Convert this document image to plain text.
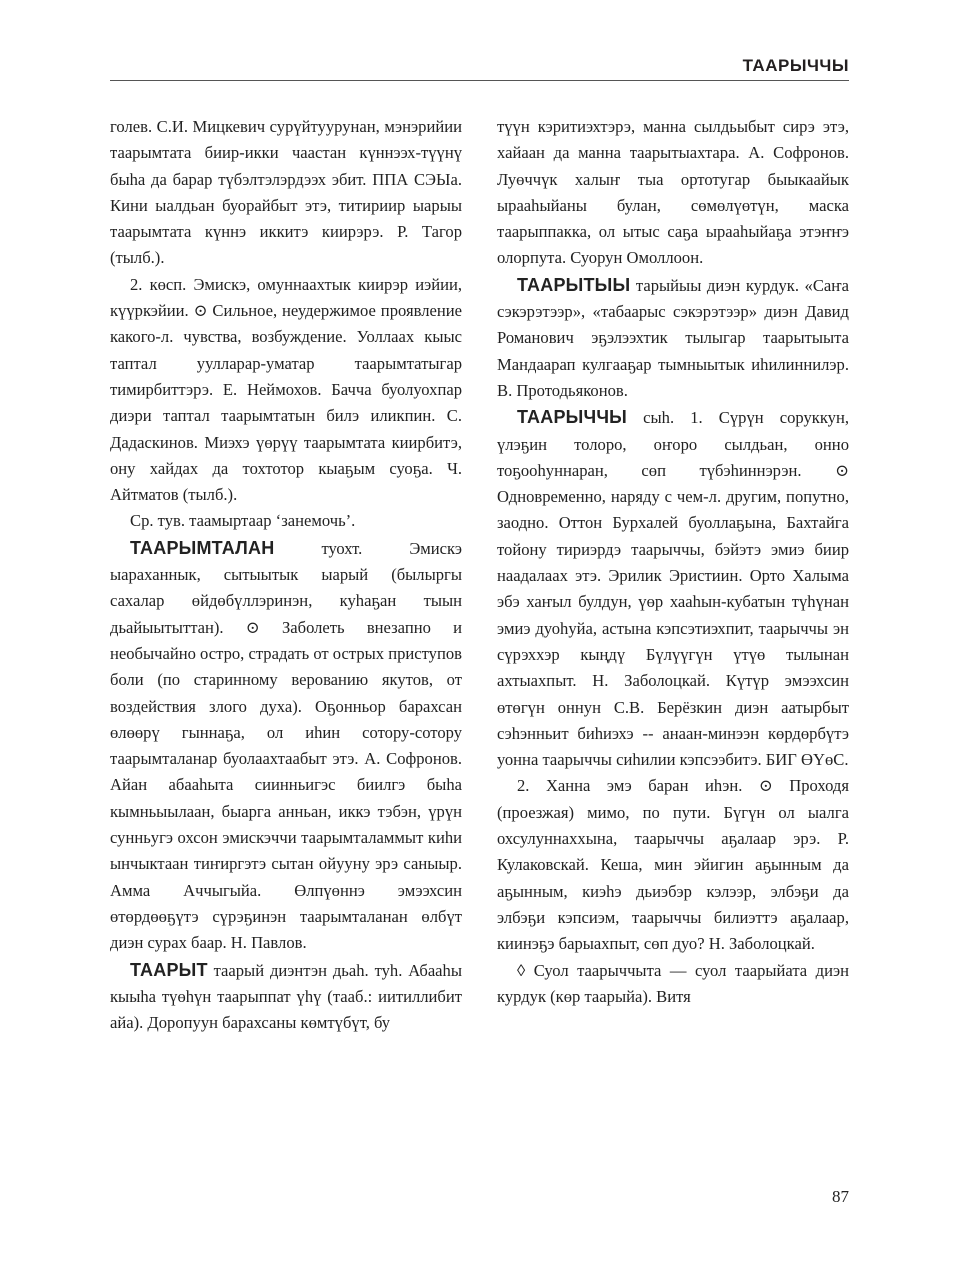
ТААРЫЧЧЫ

голев. С.И. Мицкевич сурүйтуурунан, мэнэрийии таарымтата биир-икки чаастан күннээх-түүнү быһа да барар түбэлтэлэрдээх эбит. ППА СЭЫа. Кини ыалдьан буорайбыт этэ, титириир ыарыы таарымтата күннэ иккитэ киирэрэ. Р. Тагор (тылб.).

2. көсп. Эмискэ, омуннаахтык киирэр иэйии, күүркэйии. ⊙ Сильное, неудержимое проявление какого-л. чувства, возбуждение. Уоллаах кыыс таптал уулларар-уматар таарымтатыгар тимирбиттэрэ. Е. Неймохов. Бачча буолуохпар диэри таптал таарымтатын билэ иликпин. С. Дадаскинов. Миэхэ үөрүү таарымтата киирбитэ, ону хайдах да тохтотор кыаҕым суоҕа. Ч. Айтматов (тылб.).

Ср. тув. таамыртаар ‘занемочь’.

ТААРЫМТАЛАН туохт. Эмискэ ыараханнык, сытыытык ыарый (былыргы сахалар өйдөбүллэринэн, куһаҕан тыын дьайыытыттан). ⊙ Заболеть внезапно и необычайно остро, страдать от острых приступов боли (по старинному верованию якутов, от воздействия злого духа). Оҕонньор барахсан өлөөрү гыннаҕа, ол иһин сотору-сотору таарымталанар буолаахтаабыт этэ. А. Софронов. Айан абааһыта сиинньигэс биилгэ быһа кымньыылаан, быарга анньан, иккэ тэбэн, үрүн сунньугэ охсон эмискэччи таарымталаммыт киһи ынчыктаан тиҥиргэтэ сытан ойууну эрэ саныыр. Амма Аччыгыйа. Өлпүөннэ эмээхсин өтөрдөөҕүтэ сүрэҕинэн таарымталанан өлбүт диэн сурах баар. Н. Павлов.

ТААРЫТ таарый диэнтэн дьаһ. туһ. Абааһы кыыһа түөһүн таарыппат үһү (тааб.: иитиллибит айа). Доропуун барахсаны көмтүбүт, бу

түүн кэритиэхтэрэ, манна сылдьыбыт сирэ этэ, хайаан да манна таарытыахтара. А. Софронов. Луөччүк халыҥ тыа ортотугар быыкаайык ырааһыйаны булан, сөмөлүөтүн, маска таарыппакка, ол ытыс саҕа ырааһыйаҕа этэҥҥэ олорпута. Суорун Омоллоон.

ТААРЫТЫЫ тарыйыы диэн курдук. «Саҥа сэкэрэтээр», «табаарыс сэкэрэтээр» диэн Давид Романович эҕэлээхтик тылыгар таарытыыта Мандаарап кулгааҕар тымныытык иһилиннилэр. В. Протодьяконов.

ТААРЫЧЧЫ сыһ. 1. Сүрүн соруккун, үлэҕин толоро, оҥоро сылдьан, онно тоҕооһуннаран, сөп түбэһиннэрэн. ⊙ Одновременно, наряду с чем-л. другим, попутно, заодно. Оттон Бурхалей буоллаҕына, Бахтайга тойону тириэрдэ таарыччы, бэйэтэ эмиэ биир наадалаах этэ. Эрилик Эристиин. Орто Халыма эбэ хаҥыл булдун, үөр хааһын-кубатын түһүнан эмиэ дуоһуйа, астына кэпсэтиэхпит, таарыччы эн сүрэххэр кыңдү Бүлүүгүн үтүө тылынан ахтыахпыт. Н. Заболоцкай. Күтүр эмээхсин өтөгүн оннун С.В. Берёзкин диэн аатырбыт сэһэнньит биһиэхэ -- анаан-минээн көрдөрбүтэ уонна таарыччы сиһилии кэпсээбитэ. БИГ ӨҮөС.

2. Ханна эмэ баран иһэн. ⊙ Проходя (проезжая) мимо, по пути. Бүгүн ол ыалга охсулуннаххына, таарыччы аҕалаар эрэ. Р. Кулаковскай. Кеша, мин эйигин аҕынным да аҕынным, киэһэ дьиэбэр кэлээр, элбэҕи да элбэҕи кэпсиэм, таарыччы билиэттэ аҕалаар, киинэҕэ барыахпыт, сөп дуо? Н. Заболоцкай.

◊ Суол таарыччыта — суол таарыйата диэн курдук (көр таарыйа). Витя

87
